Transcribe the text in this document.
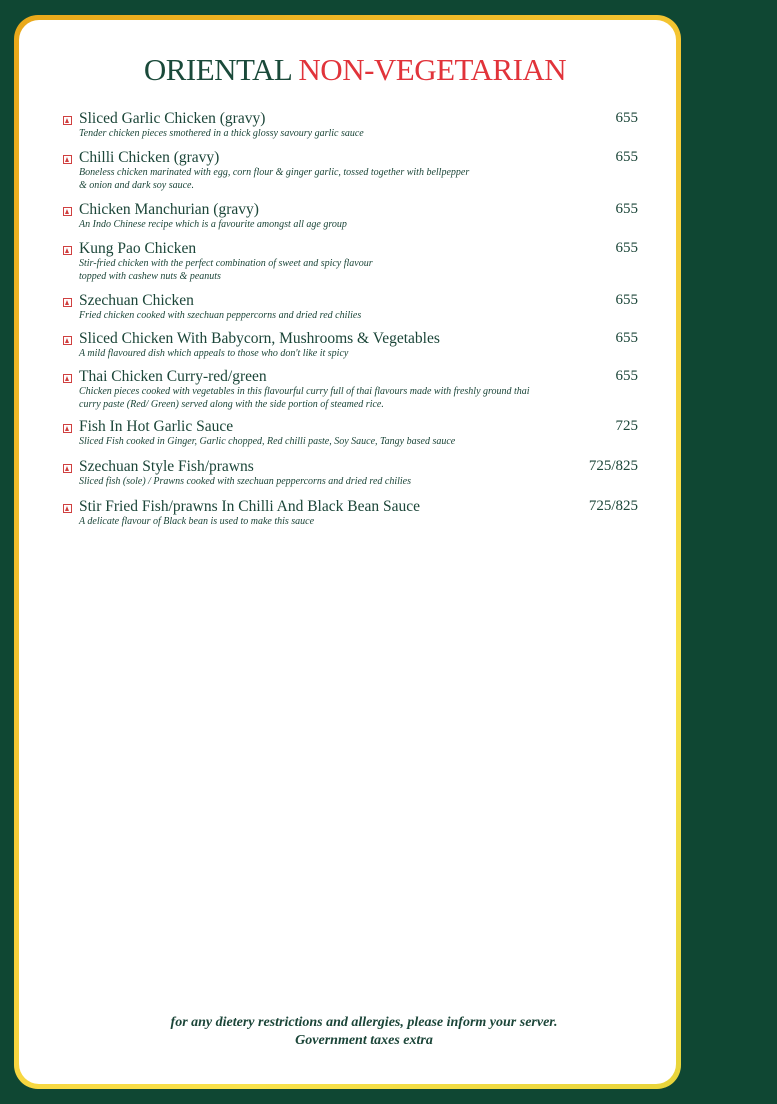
ORIENTAL NON-VEGETARIAN
Sliced Garlic Chicken (gravy)	655
Tender chicken pieces smothered in a thick glossy savoury garlic sauce
Chilli Chicken (gravy)	655
Boneless chicken marinated with egg, corn flour & ginger garlic, tossed together with bellpepper & onion and dark soy sauce.
Chicken Manchurian (gravy)	655
An Indo Chinese recipe which is a favourite amongst all age group
Kung Pao Chicken	655
Stir-fried chicken with the perfect combination of sweet and spicy flavour topped with cashew nuts & peanuts
Szechuan Chicken	655
Fried chicken cooked with szechuan peppercorns and dried red chilies
Sliced Chicken With Babycorn, Mushrooms & Vegetables	655
A mild flavoured dish which appeals to those who don't like it spicy
Thai Chicken Curry-red/green	655
Chicken pieces cooked with vegetables in this flavourful curry full of thai flavours made with freshly ground thai curry paste (Red/ Green) served along with the side portion of steamed rice.
Fish In Hot Garlic Sauce	725
Sliced Fish cooked in Ginger, Garlic chopped, Red chilli paste, Soy Sauce, Tangy based sauce
Szechuan Style Fish/prawns	725/825
Sliced fish (sole) / Prawns cooked with szechuan peppercorns and dried red chilies
Stir Fried Fish/prawns In Chilli And Black Bean Sauce	725/825
A delicate flavour of Black bean is used to make this sauce
for any dietery restrictions and allergies, please inform your server.
Government taxes extra
